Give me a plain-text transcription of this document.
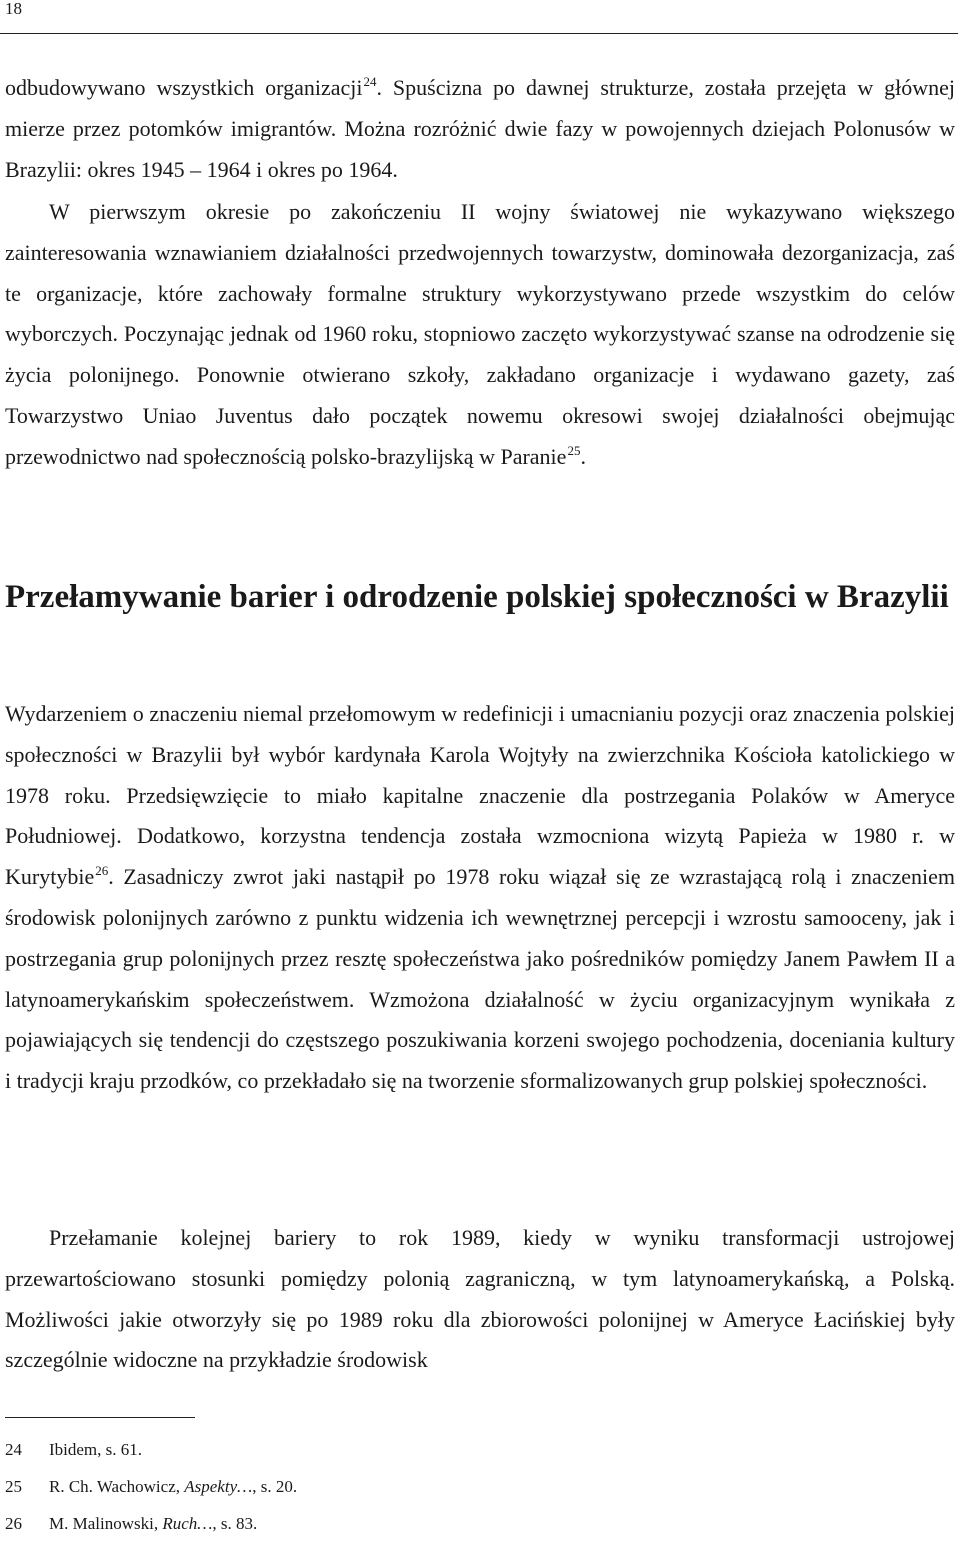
18

odbudowywano wszystkich organizacji$^{24}$. Spuścizna po dawnej strukturze, została przejęta w głównej mierze przez potomków imigrantów. Można rozróżnić dwie fazy w powojennych dziejach Polonusów w Brazylii: okres 1945 – 1964 i okres po 1964.

W pierwszym okresie po zakończeniu II wojny światowej nie wykazywano większego zainteresowania wznawianiem działalności przedwojennych towarzystw, dominowała dezorganizacja, zaś te organizacje, które zachowały formalne struktury wykorzystywano przede wszystkim do celów wyborczych. Poczynając jednak od 1960 roku, stopniowo zaczęto wykorzystywać szanse na odrodzenie się życia polonijnego. Ponownie otwierano szkoły, zakładano organizacje i wydawano gazety, zaś Towarzystwo Uniao Juventus dało początek nowemu okresowi swojej działalności obejmując przewodnictwo nad społecznością polsko-brazylijską w Paranie$^{25}$.

Przełamywanie barier i odrodzenie polskiej społeczności w Brazylii

Wydarzeniem o znaczeniu niemal przełomowym w redefinicji i umacnianiu pozycji oraz znaczenia polskiej społeczności w Brazylii był wybór kardynała Karola Wojtyły na zwierzchnika Kościoła katolickiego w 1978 roku. Przedsięwzięcie to miało kapitalne znaczenie dla postrzegania Polaków w Ameryce Południowej. Dodatkowo, korzystna tendencja została wzmocniona wizytą Papieża w 1980 r. w Kurytybie$^{26}$. Zasadniczy zwrot jaki nastąpił po 1978 roku wiązał się ze wzrastającą rolą i znaczeniem środowisk polonijnych zarówno z punktu widzenia ich wewnętrznej percepcji i wzrostu samooceny, jak i postrzegania grup polonijnych przez resztę społeczeństwa jako pośredników pomiędzy Janem Pawłem II a latynoamerykańskim społeczeństwem. Wzmożona działalność w życiu organizacyjnym wynikała z pojawiających się tendencji do częstszego poszukiwania korzeni swojego pochodzenia, doceniania kultury i tradycji kraju przodków, co przekładało się na tworzenie sformalizowanych grup polskiej społeczności.

Przełamanie kolejnej bariery to rok 1989, kiedy w wyniku transformacji ustrojowej przewartościowano stosunki pomiędzy polonią zagraniczną, w tym latynoamerykańską, a Polską. Możliwości jakie otworzyły się po 1989 roku dla zbiorowości polonijnej w Ameryce Łacińskiej były szczególnie widoczne na przykładzie środowisk

24 Ibidem, s. 61.
25 R. Ch. Wachowicz, Aspekty…, s. 20.
26 M. Malinowski, Ruch…, s. 83.
